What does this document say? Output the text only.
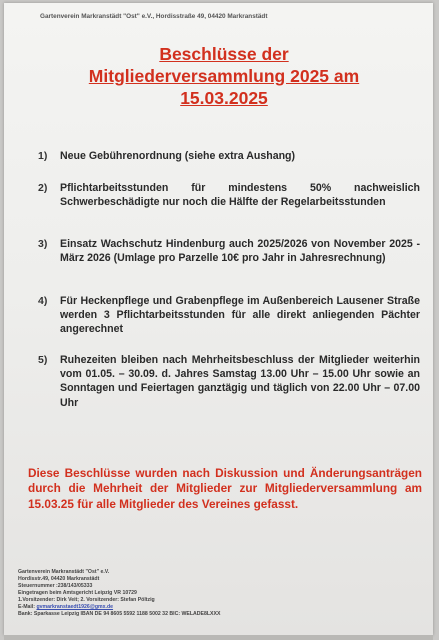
Gartenverein Markranstädt "Ost" e.V., Hordisstraße 49, 04420 Markranstädt
Beschlüsse der
Mitgliederversammlung 2025 am
15.03.2025
1)	Neue Gebührenordnung (siehe extra Aushang)
2)	Pflichtarbeitsstunden für mindestens 50% nachweislich Schwerbeschädigte nur noch die Hälfte der Regelarbeitsstunden
3)	Einsatz Wachschutz Hindenburg auch 2025/2026 von November 2025 - März 2026 (Umlage pro Parzelle 10€ pro Jahr in Jahresrechnung)
4)	Für Heckenpflege und Grabenpflege im Außenbereich Lausener Straße werden 3 Pflichtarbeitsstunden für alle direkt anliegenden Pächter angerechnet
5)	Ruhezeiten bleiben nach Mehrheitsbeschluss der Mitglieder weiterhin vom 01.05. – 30.09. d. Jahres Samstag 13.00 Uhr – 15.00 Uhr sowie an Sonntagen und Feiertagen ganztägig und täglich von 22.00 Uhr – 07.00 Uhr
Diese Beschlüsse wurden nach Diskussion und Änderungsanträgen durch die Mehrheit der Mitglieder zur Mitgliederversammlung am 15.03.25 für alle Mitglieder des Vereines gefasst.
Gartenverein Markranstädt "Ost" e.V.
Hordisstr.49, 04420 Markranstädt
Steuernummer :238/143/05333
Eingetragen beim Amtsgericht Leipzig VR 10729
1.Vorsitzender: Dirk Veit; 2. Vorsitzender: Stefan Pöltzig
E-Mail: gvmarkranstaedt1926@gmx.de
Bank: Sparkasse Leipzig IBAN DE 94 8605 5592 1188 5002 32 BIC: WELADE8LXXX
